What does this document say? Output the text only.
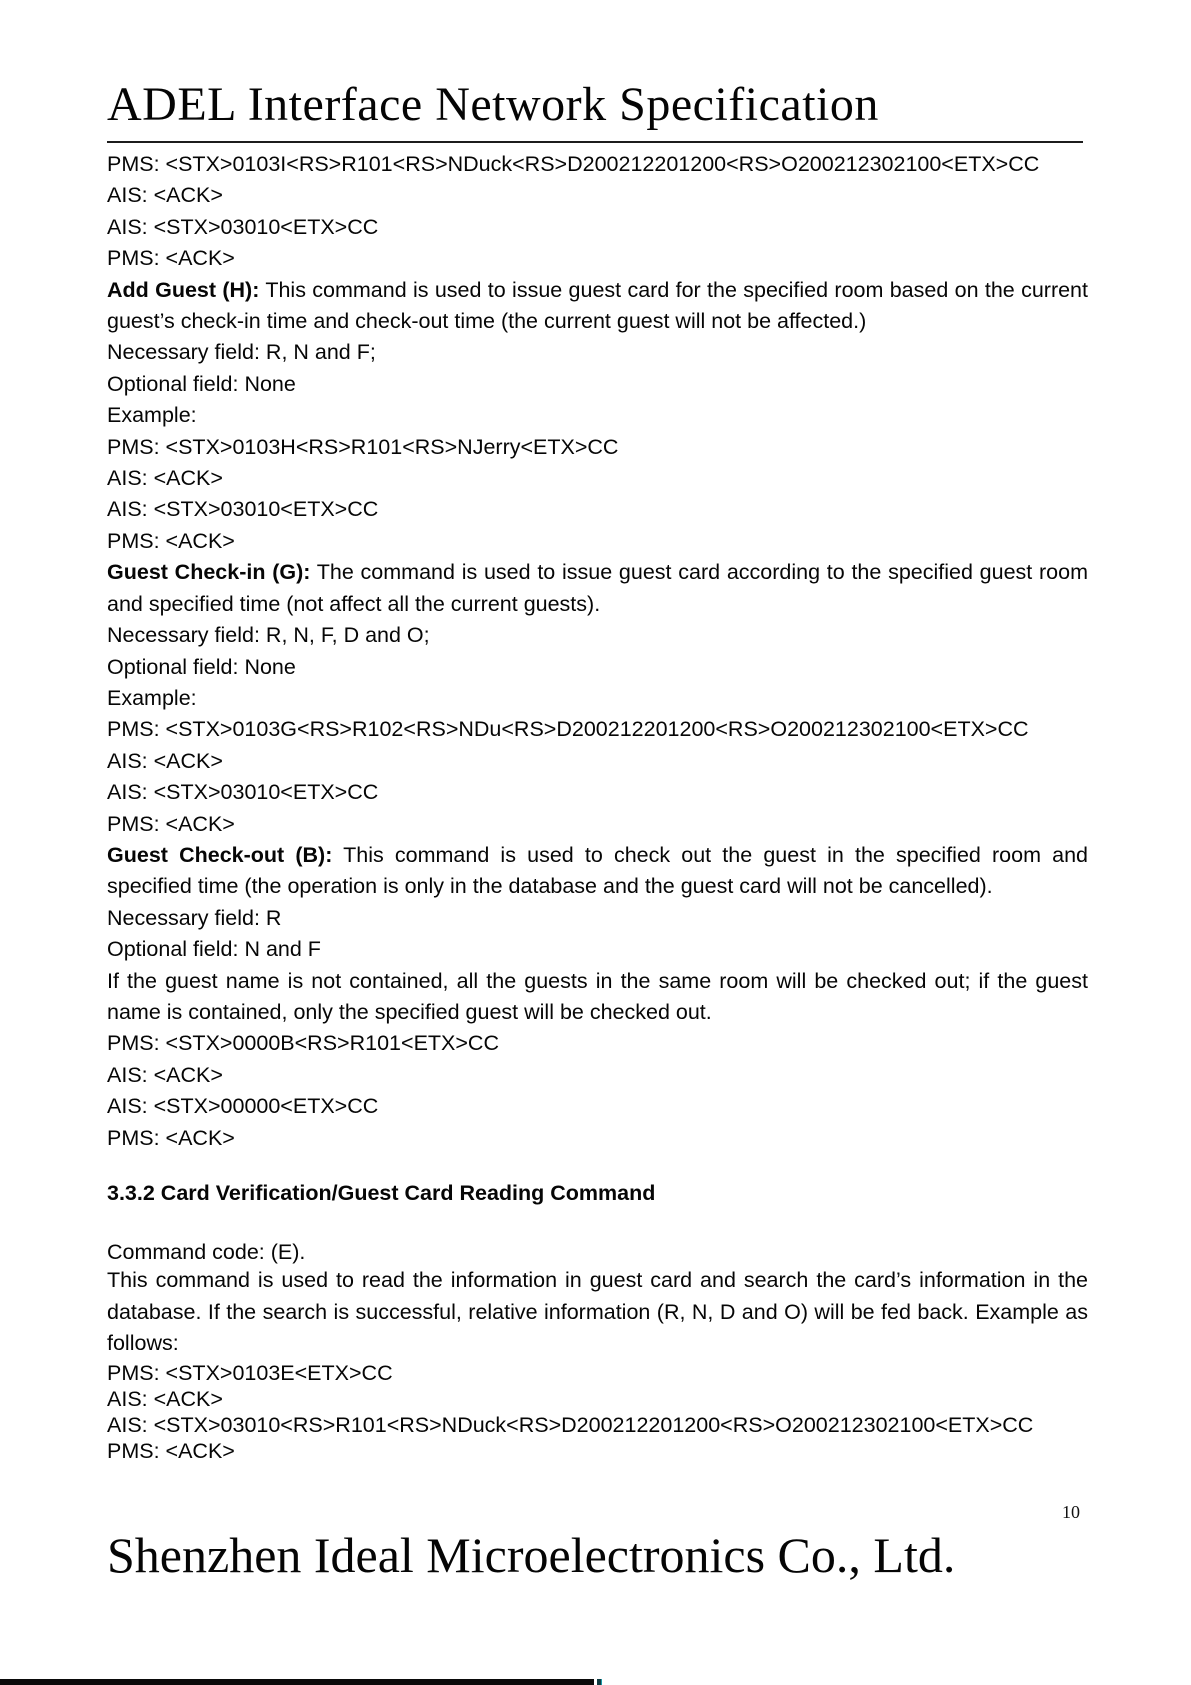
ADEL Interface Network Specification

PMS: <STX>0103I<RS>R101<RS>NDuck<RS>D200212201200<RS>O200212302100<ETX>CC

AIS: <ACK>

AIS: <STX>03010<ETX>CC

PMS: <ACK>

Add Guest (H): This command is used to issue guest card for the specified room based on the current guest’s check-in time and check-out time (the current guest will not be affected.)

Necessary field: R, N and F;

Optional field: None

Example:

PMS: <STX>0103H<RS>R101<RS>NJerry<ETX>CC

AIS: <ACK>

AIS: <STX>03010<ETX>CC

PMS: <ACK>

Guest Check-in (G): The command is used to issue guest card according to the specified guest room and specified time (not affect all the current guests).

Necessary field: R, N, F, D and O;

Optional field: None

Example:

PMS: <STX>0103G<RS>R102<RS>NDu<RS>D200212201200<RS>O200212302100<ETX>CC

AIS: <ACK>

AIS: <STX>03010<ETX>CC

PMS: <ACK>

Guest Check-out (B): This command is used to check out the guest in the specified room and specified time (the operation is only in the database and the guest card will not be cancelled).

Necessary field: R

Optional field: N and F

If the guest name is not contained, all the guests in the same room will be checked out; if the guest name is contained, only the specified guest will be checked out.

PMS: <STX>0000B<RS>R101<ETX>CC

AIS: <ACK>

AIS: <STX>00000<ETX>CC

PMS: <ACK>

3.3.2 Card Verification/Guest Card Reading Command

Command code: (E).

This command is used to read the information in guest card and search the card’s information in the database. If the search is successful, relative information (R, N, D and O) will be fed back. Example as follows:

PMS: <STX>0103E<ETX>CC

AIS: <ACK>

AIS: <STX>03010<RS>R101<RS>NDuck<RS>D200212201200<RS>O200212302100<ETX>CC

PMS: <ACK>

10
Shenzhen Ideal Microelectronics Co., Ltd.
